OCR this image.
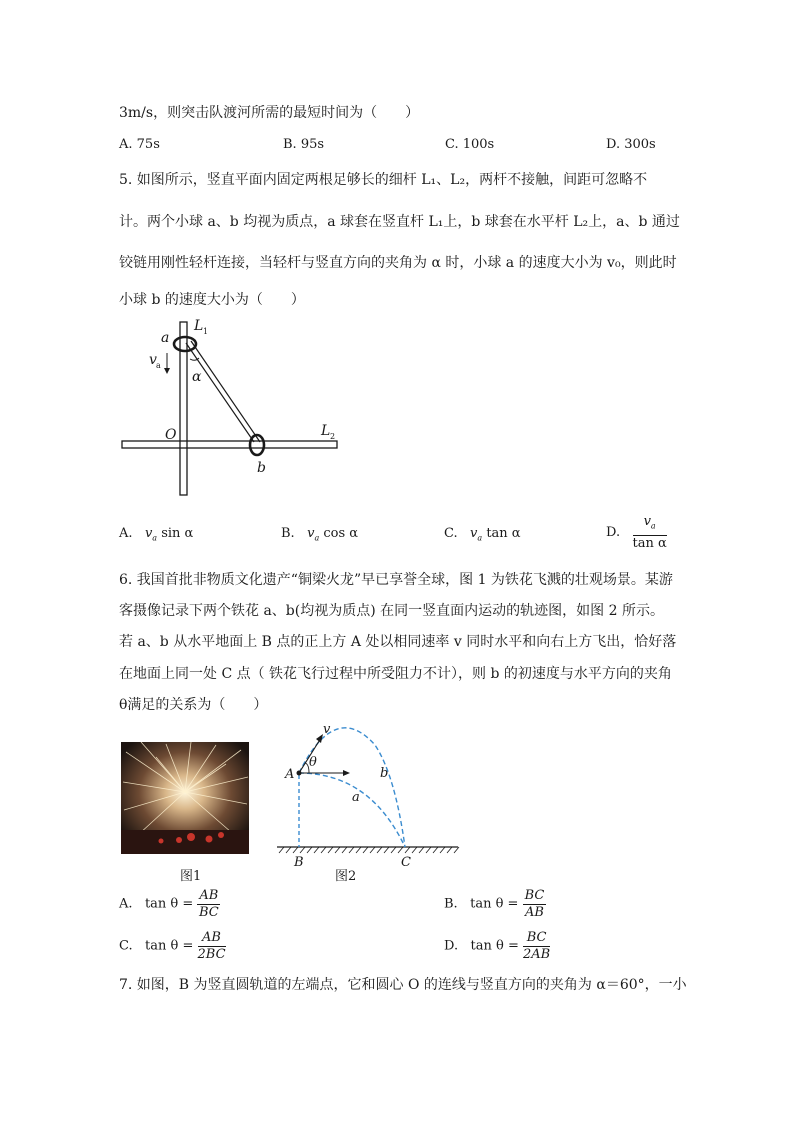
3m/s，则突击队渡河所需的最短时间为（　　）
A. 75s	B. 95s	C. 100s	D. 300s
5. 如图所示，竖直平面内固定两根足够长的细杆 L₁、L₂，两杆不接触，间距可忽略不
计。两个小球 a、b 均视为质点，a 球套在竖直杆 L₁上，b 球套在水平杆 L₂上，a、b 通过
铰链用刚性轻杆连接，当轻杆与竖直方向的夹角为 α 时，小球 a 的速度大小为 v₀，则此时
小球 b 的速度大小为（　　）
L 1
a
v a
α
O	L 2
b
A. $v_a$ sin α	B. $v_a$ cos α	C. $v_a$ tan α	D. $\frac{v_a}{\text{tan α}}$
6. 我国首批非物质文化遗产“铜梁火龙”早已享誉全球，图 1 为铁花飞溅的壮观场景。某游
客摄像记录下两个铁花 a、b(均视为质点) 在同一竖直面内运动的轨迹图，如图 2 所示。
若 a、b 从水平地面上 B 点的正上方 A 处以相同速率 v 同时水平和向右上方飞出，恰好落
在地面上同一处 C 点（ 铁花飞行过程中所受阻力不计），则 b 的初速度与水平方向的夹角
θ满足的关系为（　　）
图1
v
θ
A	b
a
B	C
图2
A. $\tan \theta = \frac{AB}{BC}$	B. $\tan \theta = \frac{BC}{AB}$
C. $\tan \theta = \frac{AB}{2BC}$	D. $\tan \theta = \frac{BC}{2AB}$
7. 如图，B 为竖直圆轨道的左端点，它和圆心 O 的连线与竖直方向的夹角为 α＝60°，一小
